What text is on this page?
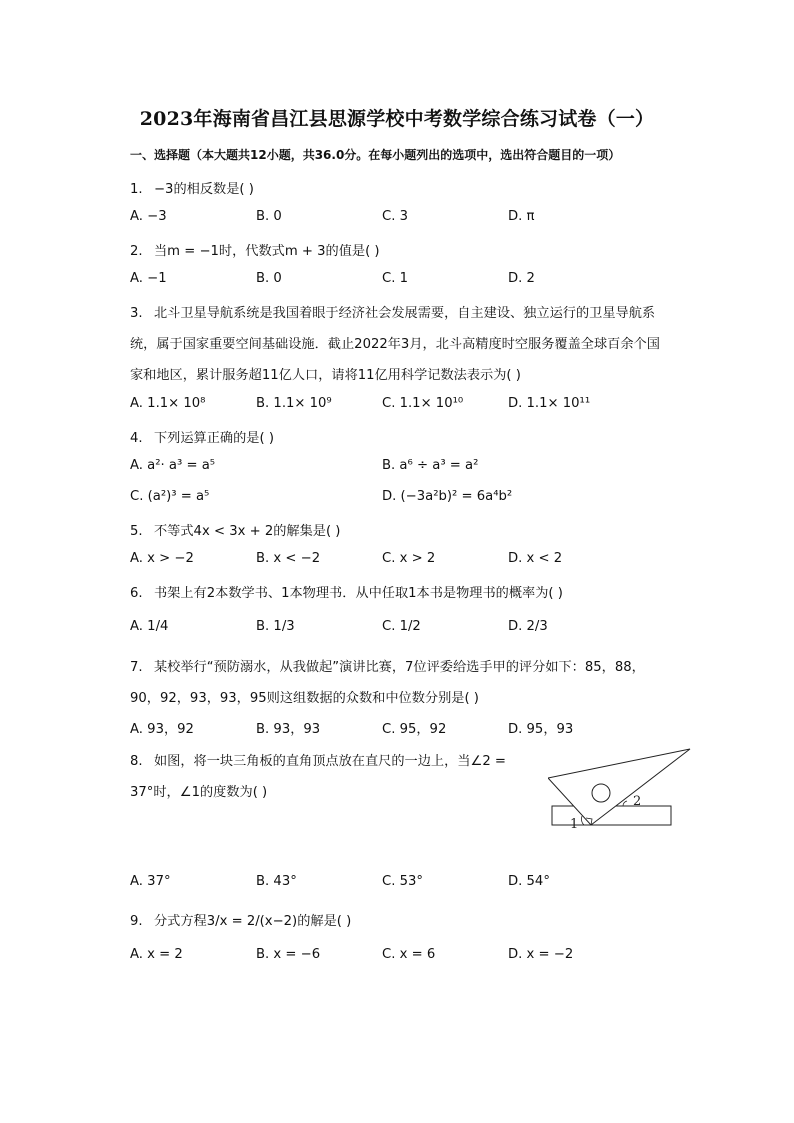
2023年海南省昌江县思源学校中考数学综合练习试卷（一）
一、选择题（本大题共12小题，共36.0分。在每小题列出的选项中，选出符合题目的一项）
1. −3的相反数是( )
A. −3	B. 0	C. 3	D. π
2. 当m = −1时，代数式m + 3的值是( )
A. −1	B. 0	C. 1	D. 2
3. 北斗卫星导航系统是我国着眼于经济社会发展需要，自主建设、独立运行的卫星导航系
统，属于国家重要空间基础设施．截止2022年3月，北斗高精度时空服务覆盖全球百余个国
家和地区，累计服务超11亿人口，请将11亿用科学记数法表示为( )
A. 1.1× 10⁸	B. 1.1× 10⁹	C. 1.1× 10¹⁰	D. 1.1× 10¹¹
4. 下列运算正确的是( )
A. a²· a³ = a⁵	B. a⁶ ÷ a³ = a²
C. (a²)³ = a⁵	D. (−3a²b)² = 6a⁴b²
5. 不等式4x < 3x + 2的解集是( )
A. x > −2	B. x < −2	C. x > 2	D. x < 2
6. 书架上有2本数学书、1本物理书．从中任取1本书是物理书的概率为( )
A. 1/4	B. 1/3	C. 1/2	D. 2/3
7. 某校举行“预防溺水，从我做起”演讲比赛，7位评委给选手甲的评分如下：85，88，
90，92，93，93，95则这组数据的众数和中位数分别是( )
A. 93，92	B. 93，93	C. 95，92	D. 95，93
8. 如图，将一块三角板的直角顶点放在直尺的一边上，当∠2 =
37°时，∠1的度数为( )
1
2
A. 37°	B. 43°	C. 53°	D. 54°
9. 分式方程3/x = 2/(x−2)的解是( )
A. x = 2	B. x = −6	C. x = 6	D. x = −2
